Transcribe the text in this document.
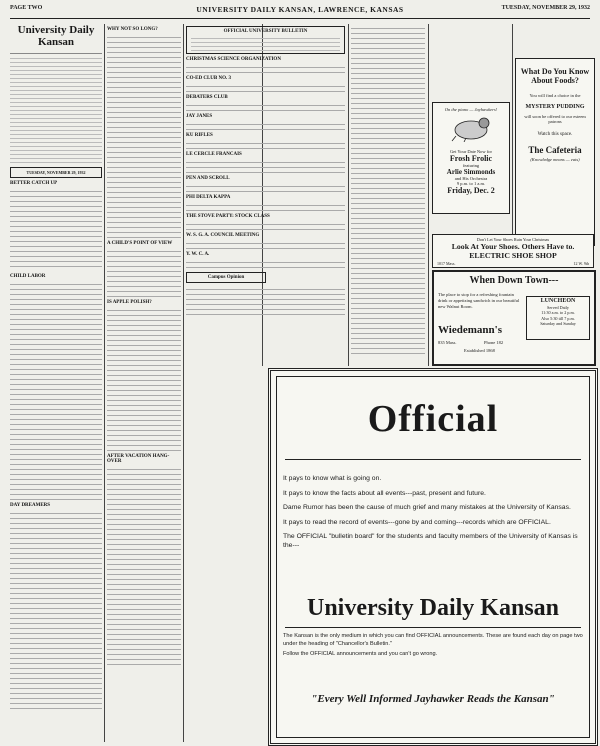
PAGE TWO	UNIVERSITY DAILY KANSAN, LAWRENCE, KANSAS	TUESDAY, NOVEMBER 29, 1932
University Daily Kansan
TUESDAY, NOVEMBER 29, 1932
BETTER CATCH UP
CHILD LABOR
DAY DREAMERS
WHY NOT SO LONG?
A CHILD'S POINT OF VIEW
IS APPLE POLISH?
AFTER VACATION HANG-OVER
OFFICIAL UNIVERSITY BULLETIN
CHRISTMAS SCIENCE ORGANIZATION
CO-ED CLUB NO. 3
DEBATERS CLUB
JAY JANES
KU RIFLES
LE CERCLE FRANCAIS
PEN AND SCROLL
PHI DELTA KAPPA
THE STOVE PARTY: STOCK CLASS
W. S. G. A. COUNCIL MEETING
Y. W. C. A.
Campus Opinion
What Do You Know About Foods?
You will find a choice in the
MYSTERY PUDDING
will soon be offered to our esteem patrons
Watch this space.
The Cafeteria
(Knowledge means — eats)
On the piano — Jayhawkers!
Get Your Date Now for
Frosh Frolic
featuring
Arlie Simmonds
and His Orchestra
9 p.m. to 1 a.m.
Friday, Dec. 2
Don't Let Your Shoes Ruin Your Christmas
Look At Your Shoes. Others Have to.
ELECTRIC SHOE SHOP
1017 Mass.	12 W. 9th
When Down Town---
The place to stop for a refreshing fountain drink or appetizing sandwich in our beautiful new Walnut Room.
LUNCHEON
Served Daily
11:30 a.m. to 2 p.m.
Also 5:30 till 7 p.m.
Saturday and Sunday
Wiedemann's
835 Mass.	Phone 182
Established 1868
Official

It pays to know what is going on.

It pays to know the facts about all events---past, present and future.

Dame Rumor has been the cause of much grief and many mistakes at the University of Kansas.

It pays to read the record of events---gone by and coming---records which are OFFICIAL.

The OFFICIAL "bulletin board" for the students and faculty members of the University of Kansas is the---

University Daily Kansan

The Kansan is the only medium in which you can find OFFICIAL announcements. These are found each day on page two under the heading of "Chancellor's Bulletin."

Follow the OFFICIAL announcements and you can't go wrong.

"Every Well Informed Jayhawker Reads the Kansan"
